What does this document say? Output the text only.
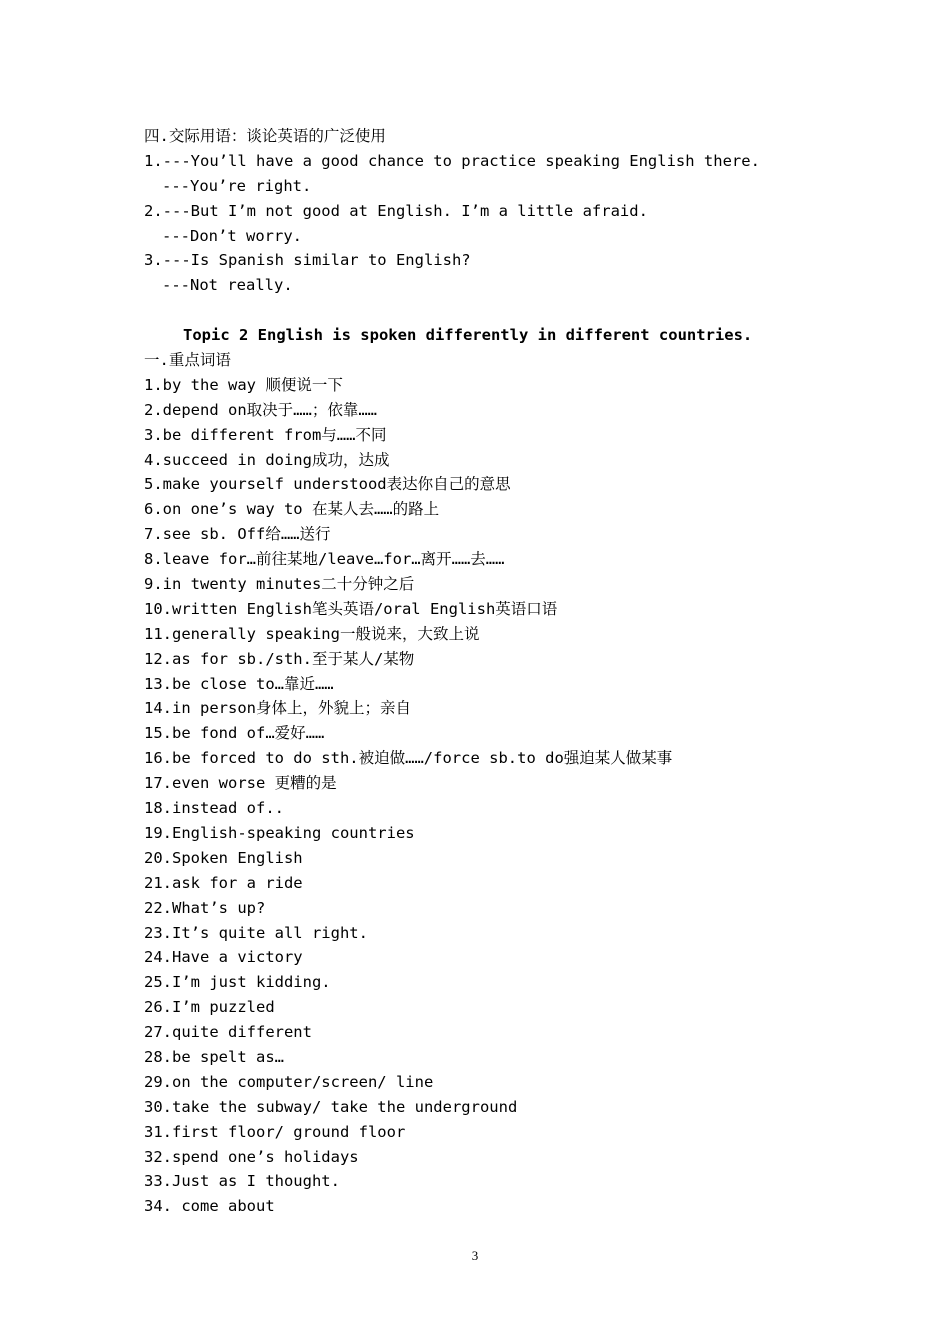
四.交际用语：谈论英语的广泛使用
1.---You’ll have a good chance to practice speaking English there.
---You’re right.
2.---But I’m not good at English. I’m a little afraid.
---Don’t worry.
3.---Is Spanish similar to English?
---Not really.
Topic 2 English is spoken differently in different countries.
一.重点词语
1.by the way 顺便说一下
2.depend on取决于……；依靠……
3.be different from与……不同
4.succeed in doing成功，达成
5.make yourself understood表达你自己的意思
6.on one’s way to 在某人去……的路上
7.see sb. Off给……送行
8.leave for…前往某地/leave…for…离开……去……
9.in twenty minutes二十分钟之后
10.written English笔头英语/oral English英语口语
11.generally speaking一般说来，大致上说
12.as for sb./sth.至于某人/某物
13.be close to…靠近……
14.in person身体上，外貌上；亲自
15.be fond of…爱好……
16.be forced to do sth.被迫做……/force sb.to do强迫某人做某事
17.even worse 更糟的是
18.instead of..
19.English-speaking countries
20.Spoken English
21.ask for a ride
22.What’s up?
23.It’s quite all right.
24.Have a victory
25.I’m just kidding.
26.I’m puzzled
27.quite different
28.be spelt as…
29.on the computer/screen/ line
30.take the subway/ take the underground
31.first floor/ ground floor
32.spend one’s holidays
33.Just as I thought.
34. come about
3
